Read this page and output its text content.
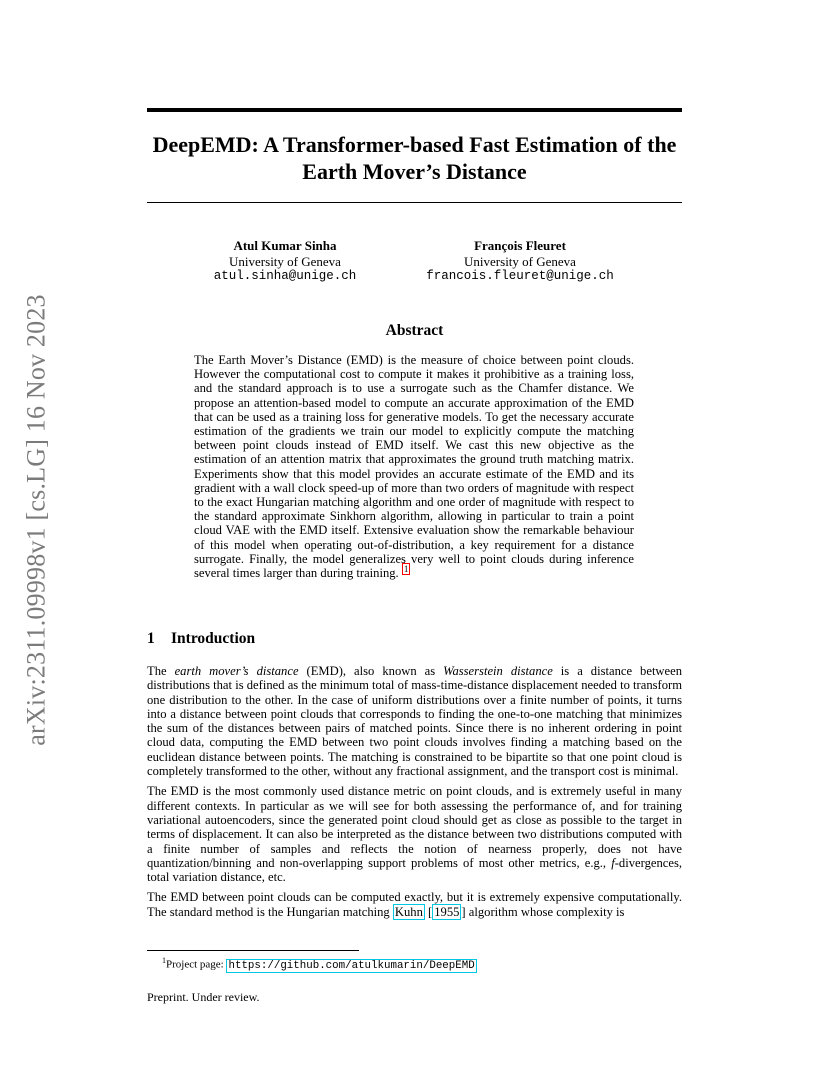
arXiv:2311.09998v1 [cs.LG] 16 Nov 2023
DeepEMD: A Transformer-based Fast Estimation of the Earth Mover’s Distance
Atul Kumar Sinha
University of Geneva
atul.sinha@unige.ch
François Fleuret
University of Geneva
francois.fleuret@unige.ch
Abstract
The Earth Mover’s Distance (EMD) is the measure of choice between point clouds. However the computational cost to compute it makes it prohibitive as a training loss, and the standard approach is to use a surrogate such as the Chamfer distance. We propose an attention-based model to compute an accurate approximation of the EMD that can be used as a training loss for generative models. To get the necessary accurate estimation of the gradients we train our model to explicitly compute the matching between point clouds instead of EMD itself. We cast this new objective as the estimation of an attention matrix that approximates the ground truth matching matrix. Experiments show that this model provides an accurate estimate of the EMD and its gradient with a wall clock speed-up of more than two orders of magnitude with respect to the exact Hungarian matching algorithm and one order of magnitude with respect to the standard approximate Sinkhorn algorithm, allowing in particular to train a point cloud VAE with the EMD itself. Extensive evaluation show the remarkable behaviour of this model when operating out-of-distribution, a key requirement for a distance surrogate. Finally, the model generalizes very well to point clouds during inference several times larger than during training. $^1$
1 Introduction

The earth mover’s distance (EMD), also known as Wasserstein distance is a distance between distributions that is defined as the minimum total of mass-time-distance displacement needed to transform one distribution to the other. In the case of uniform distributions over a finite number of points, it turns into a distance between point clouds that corresponds to finding the one-to-one matching that minimizes the sum of the distances between pairs of matched points. Since there is no inherent ordering in point cloud data, computing the EMD between two point clouds involves finding a matching based on the euclidean distance between points. The matching is constrained to be bipartite so that one point cloud is completely transformed to the other, without any fractional assignment, and the transport cost is minimal.

The EMD is the most commonly used distance metric on point clouds, and is extremely useful in many different contexts. In particular as we will see for both assessing the performance of, and for training variational autoencoders, since the generated point cloud should get as close as possible to the target in terms of displacement. It can also be interpreted as the distance between two distributions computed with a finite number of samples and reflects the notion of nearness properly, does not have quantization/binning and non-overlapping support problems of most other metrics, e.g., f-divergences, total variation distance, etc.

The EMD between point clouds can be computed exactly, but it is extremely expensive computationally. The standard method is the Hungarian matching Kuhn [ 1955 ] algorithm whose complexity is

$^1$Project page: https://github.com/atulkumarin/DeepEMD
Preprint. Under review.
